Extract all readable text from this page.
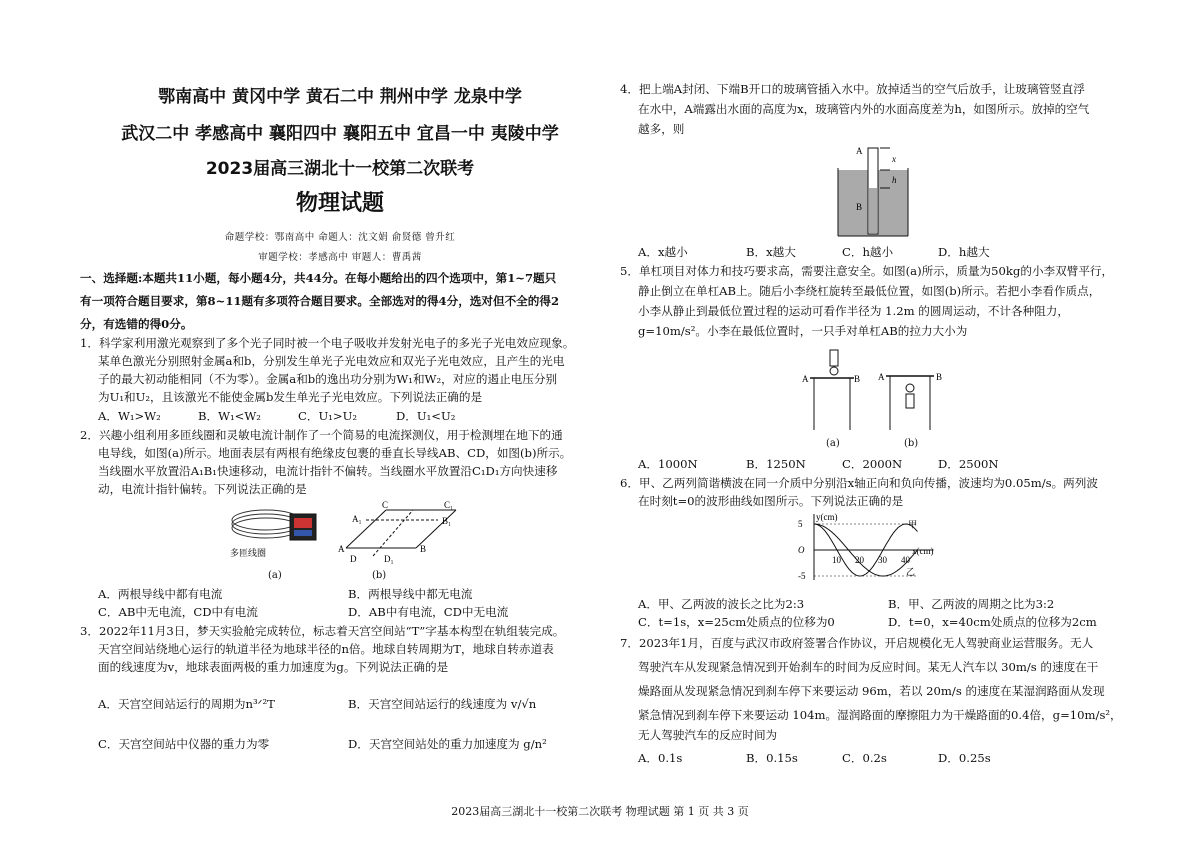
鄂南高中 黄冈中学 黄石二中 荆州中学 龙泉中学
武汉二中 孝感高中 襄阳四中 襄阳五中 宜昌一中 夷陵中学
2023届高三湖北十一校第二次联考
物理试题
命题学校：鄂南高中 命题人：沈文娟 俞贤德 曾升红
审题学校：孝感高中 审题人：曹禹茜
一、选择题:本题共11小题，每小题4分，共44分。在每小题给出的四个选项中，第1~7题只
有一项符合题目要求，第8~11题有多项符合题目要求。全部选对的得4分，选对但不全的得2
分，有选错的得0分。
1．科学家利用激光观察到了多个光子同时被一个电子吸收并发射光电子的多光子光电效应现象。
某单色激光分别照射金属a和b，分别发生单光子光电效应和双光子光电效应，且产生的光电
子的最大初动能相同（不为零）。金属a和b的逸出功分别为W₁和W₂，对应的遏止电压分别
为U₁和U₂，且该激光不能使金属b发生单光子光电效应。下列说法正确的是
A．W₁>W₂	B．W₁<W₂	C．U₁>U₂	D．U₁<U₂
2．兴趣小组利用多匝线圈和灵敏电流计制作了一个简易的电流探测仪，用于检测埋在地下的通
电导线，如图(a)所示。地面表层有两根有绝缘皮包裹的垂直长导线AB、CD，如图(b)所示。
当线圈水平放置沿A₁B₁快速移动，电流计指针不偏转。当线圈水平放置沿C₁D₁方向快速移
动，电流计指针偏转。下列说法正确的是
多匝线圈
(a)
A	B
C	C₁
A₁	B₁
D	D₁
(b)
A．两根导线中都有电流	B．两根导线中都无电流
C．AB中无电流，CD中有电流	D．AB中有电流，CD中无电流
3．2022年11月3日，梦天实验舱完成转位，标志着天宫空间站“T”字基本构型在轨组装完成。
天宫空间站绕地心运行的轨道半径为地球半径的n倍。地球自转周期为T，地球自转赤道表
面的线速度为v，地球表面两极的重力加速度为g。下列说法正确的是
A．天宫空间站运行的周期为n³ᐟ²T	B．天宫空间站运行的线速度为 v/√n
C．天宫空间站中仪器的重力为零	D．天宫空间站处的重力加速度为 g/n²
4．把上端A封闭、下端B开口的玻璃管插入水中。放掉适当的空气后放手，让玻璃管竖直浮
在水中，A端露出水面的高度为x，玻璃管内外的水面高度差为h，如图所示。放掉的空气
越多，则
x
h
A
B
A．x越小	B．x越大	C．h越小	D．h越大
5．单杠项目对体力和技巧要求高，需要注意安全。如图(a)所示，质量为50kg的小李双臂平行，
静止倒立在单杠AB上。随后小李绕杠旋转至最低位置，如图(b)所示。若把小李看作质点，
小李从静止到最低位置过程的运动可看作半径为 1.2m 的圆周运动，不计各种阻力，
g=10m/s²。小李在最低位置时，一只手对单杠AB的拉力大小为
A	B A	B
(a)	(b)
A．1000N	B．1250N	C．2000N	D．2500N
6．甲、乙两列简谐横波在同一介质中分别沿x轴正向和负向传播，波速均为0.05m/s。两列波
在时刻t=0的波形曲线如图所示。下列说法正确的是
y(cm)
x(cm)
O
5
-5
10 20 30 40
甲
乙
A．甲、乙两波的波长之比为2:3	B．甲、乙两波的周期之比为3:2
C．t=1s，x=25cm处质点的位移为0	D．t=0，x=40cm处质点的位移为2cm
7．2023年1月，百度与武汉市政府签署合作协议，开启规模化无人驾驶商业运营服务。无人
驾驶汽车从发现紧急情况到开始刹车的时间为反应时间。某无人汽车以 30m/s 的速度在干
燥路面从发现紧急情况到刹车停下来要运动 96m，若以 20m/s 的速度在某湿润路面从发现
紧急情况到刹车停下来要运动 104m。湿润路面的摩擦阻力为干燥路面的0.4倍，g=10m/s²，
无人驾驶汽车的反应时间为
A．0.1s	B．0.15s	C．0.2s	D．0.25s
2023届高三湖北十一校第二次联考 物理试题 第 1 页 共 3 页
